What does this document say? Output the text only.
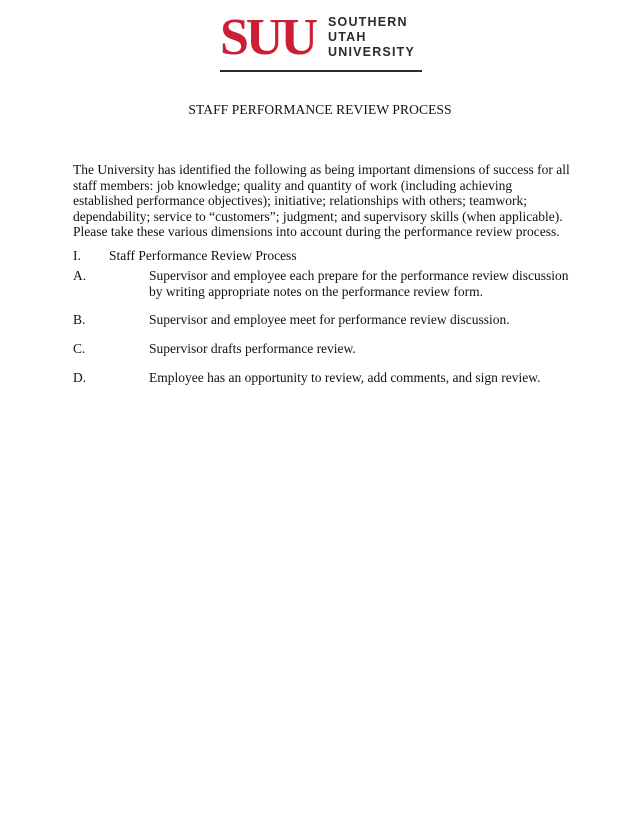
SUU SOUTHERN
UTAH
UNIVERSITY
STAFF PERFORMANCE REVIEW PROCESS

The University has identified the following as being important dimensions of success for all staff members: job knowledge; quality and quantity of work (including achieving established performance objectives); initiative; relationships with others; teamwork; dependability; service to “customers”; judgment; and supervisory skills (when applicable). Please take these various dimensions into account during the performance review process.

I. Staff Performance Review Process
A.	Supervisor and employee each prepare for the performance review discussion by writing appropriate notes on the performance review form.
B.	Supervisor and employee meet for performance review discussion.
C.	Supervisor drafts performance review.
D.	Employee has an opportunity to review, add comments, and sign review.
